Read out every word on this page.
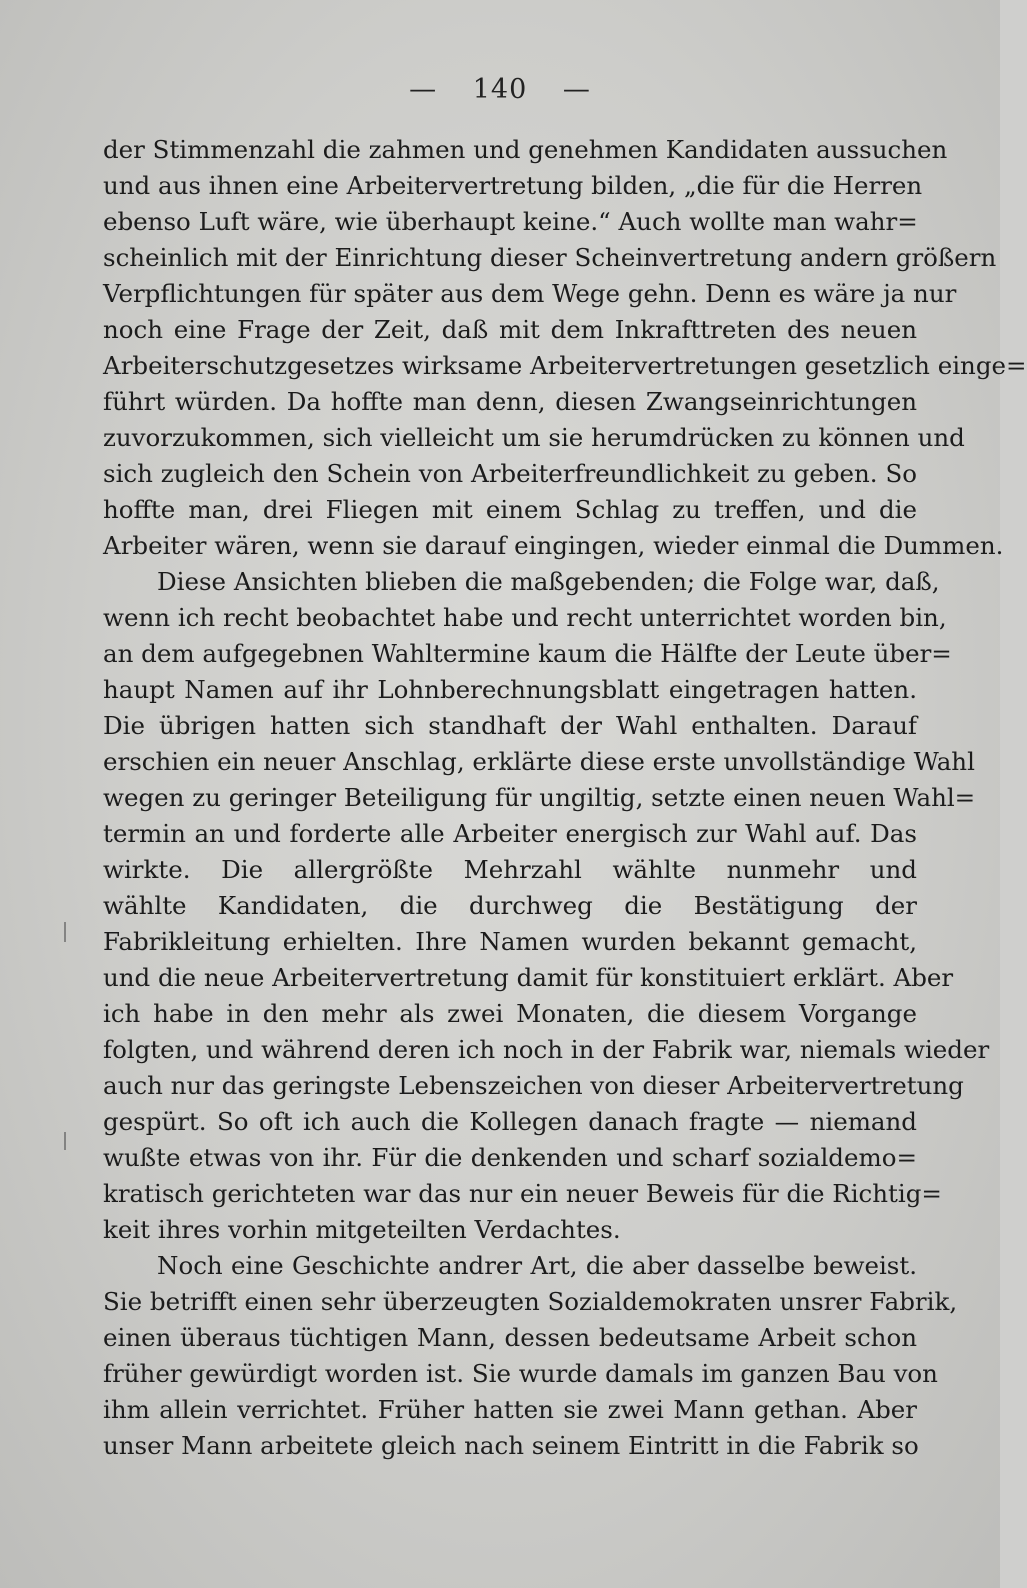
— 140 —
der Stimmenzahl die zahmen und genehmen Kandidaten aussuchen
und aus ihnen eine Arbeitervertretung bilden, „die für die Herren
ebenso Luft wäre, wie überhaupt keine.“ Auch wollte man wahr=
scheinlich mit der Einrichtung dieser Scheinvertretung andern größern
Verpflichtungen für später aus dem Wege gehn. Denn es wäre ja nur
noch eine Frage der Zeit, daß mit dem Inkrafttreten des neuen
Arbeiterschutzgesetzes wirksame Arbeitervertretungen gesetzlich einge=
führt würden. Da hoffte man denn, diesen Zwangseinrichtungen
zuvorzukommen, sich vielleicht um sie herumdrücken zu können und
sich zugleich den Schein von Arbeiterfreundlichkeit zu geben. So
hoffte man, drei Fliegen mit einem Schlag zu treffen, und die
Arbeiter wären, wenn sie darauf eingingen, wieder einmal die Dummen.
Diese Ansichten blieben die maßgebenden; die Folge war, daß,
wenn ich recht beobachtet habe und recht unterrichtet worden bin,
an dem aufgegebnen Wahltermine kaum die Hälfte der Leute über=
haupt Namen auf ihr Lohnberechnungsblatt eingetragen hatten.
Die übrigen hatten sich standhaft der Wahl enthalten. Darauf
erschien ein neuer Anschlag, erklärte diese erste unvollständige Wahl
wegen zu geringer Beteiligung für ungiltig, setzte einen neuen Wahl=
termin an und forderte alle Arbeiter energisch zur Wahl auf. Das
wirkte. Die allergrößte Mehrzahl wählte nunmehr und
wählte Kandidaten, die durchweg die Bestätigung der
Fabrikleitung erhielten. Ihre Namen wurden bekannt gemacht,
und die neue Arbeitervertretung damit für konstituiert erklärt. Aber
ich habe in den mehr als zwei Monaten, die diesem Vorgange
folgten, und während deren ich noch in der Fabrik war, niemals wieder
auch nur das geringste Lebenszeichen von dieser Arbeitervertretung
gespürt. So oft ich auch die Kollegen danach fragte — niemand
wußte etwas von ihr. Für die denkenden und scharf sozialdemo=
kratisch gerichteten war das nur ein neuer Beweis für die Richtig=
keit ihres vorhin mitgeteilten Verdachtes.
Noch eine Geschichte andrer Art, die aber dasselbe beweist.
Sie betrifft einen sehr überzeugten Sozialdemokraten unsrer Fabrik,
einen überaus tüchtigen Mann, dessen bedeutsame Arbeit schon
früher gewürdigt worden ist. Sie wurde damals im ganzen Bau von
ihm allein verrichtet. Früher hatten sie zwei Mann gethan. Aber
unser Mann arbeitete gleich nach seinem Eintritt in die Fabrik so
